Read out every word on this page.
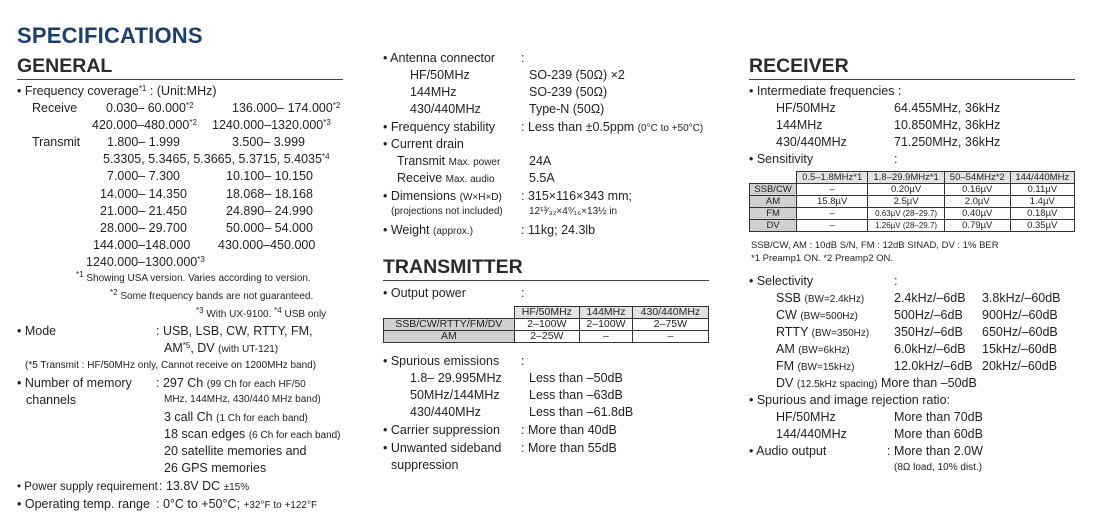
SPECIFICATIONS
GENERAL
• Frequency coverage$^{*1}$ : (Unit:MHz)
Receive 0.030– 60.000$^{*2}$	136.000– 174.000$^{*2}$
420.000–480.000$^{*2}$ 1240.000–1320.000$^{*3}$
Transmit 1.800– 1.999	3.500– 3.999
5.3305, 5.3465, 5.3665, 5.3715, 5.4035$^{*4}$
7.000– 7.300	10.100– 10.150
14.000– 14.350	18.068– 18.168
21.000– 21.450	24.890– 24.990
28.000– 29.700	50.000– 54.000
144.000–148.000 430.000–450.000
1240.000–1300.000$^{*3}$
$^{*1}$ Showing USA version. Varies according to version.
$^{*2}$ Some frequency bands are not guaranteed.
$^{*3}$ With UX-9100. $^{*4}$ USB only
• Mode	: USB, LSB, CW, RTTY, FM,
AM$^{*5}$, DV (with UT-121)
(*5 Transmit : HF/50MHz only, Cannot receive on 1200MHz band)
• Number of memory
channels
: 297 Ch (99 Ch for each HF/50
MHz, 144MHz, 430/440 MHz band)
3 call Ch (1 Ch for each band)
18 scan edges (6 Ch for each band)
20 satellite memories and
26 GPS memories
• Power supply requirement : 13.8V DC ±15%
• Operating temp. range : 0°C to +50°C; +32°F to +122°F
• Antenna connector :
HF/50MHz	SO-239 (50Ω) ×2
144MHz	SO-239 (50Ω)
430/440MHz	Type-N (50Ω)
• Frequency stability : Less than ±0.5ppm (0°C to +50°C)
• Current drain
Transmit Max. power 24A
Receive Max. audio	5.5A
• Dimensions (W×H×D) : 315×116×343 mm;
(projections not included)	12¹³⁄₃₂×4⁹⁄₁₆×13½ in
• Weight (approx.)	: 11kg; 24.3lb
TRANSMITTER
• Output power	:
	HF/50MHz	144MHz	430/440MHz
SSB/CW/RTTY/FM/DV	2–100W	2–100W	2–75W
AM	2–25W	–	–
• Spurious emissions :
1.8– 29.995MHz Less than –50dB
50MHz/144MHz Less than –63dB
430/440MHz	Less than –61.8dB
• Carrier suppression : More than 40dB
• Unwanted sideband
suppression
: More than 55dB
RECEIVER
• Intermediate frequencies :
HF/50MHz	64.455MHz, 36kHz
144MHz	10.850MHz, 36kHz
430/440MHz	71.250MHz, 36kHz
• Sensitivity	:
	0.5–1.8MHz*1	1.8–29.9MHz*1	50–54MHz*2	144/440MHz
SSB/CW	–	0.20µV	0.16µV	0.11µV
AM	15.8µV	2.5µV	2.0µV	1.4µV
FM	–	0.63µV (28–29.7)	0.40µV	0.18µV
DV	–	1.26µV (28–29.7)	0.79µV	0.35µV
SSB/CW, AM : 10dB S/N, FM : 12dB SINAD, DV : 1% BER
*1 Preamp1 ON. *2 Preamp2 ON.
• Selectivity	:
SSB (BW=2.4kHz) 2.4kHz/–6dB 3.8kHz/–60dB
CW (BW=500Hz)	500Hz/–6dB 900Hz/–60dB
RTTY (BW=350Hz) 350Hz/–6dB 650Hz/–60dB
AM (BW=6kHz)	6.0kHz/–6dB 15kHz/–60dB
FM (BW=15kHz)	12.0kHz/–6dB 20kHz/–60dB
DV (12.5kHz spacing) More than –50dB
• Spurious and image rejection ratio:
HF/50MHz	More than 70dB
144/440MHz	More than 60dB
• Audio output	: More than 2.0W
(8Ω load, 10% dist.)
